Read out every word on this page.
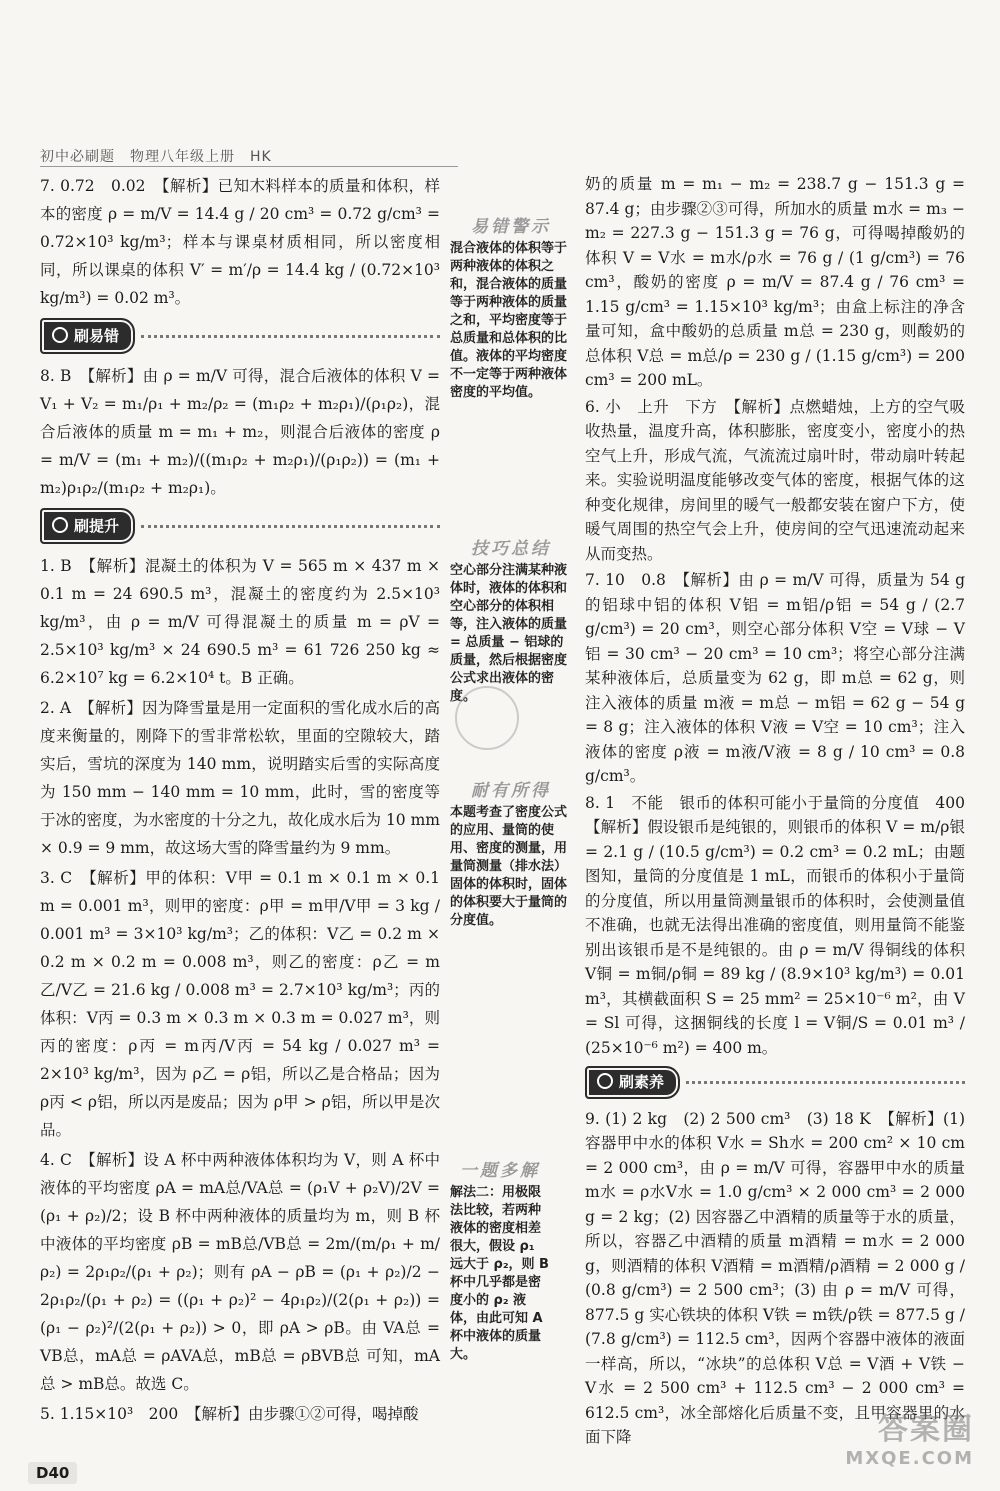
初中必刷题　物理八年级上册　HK

7. 0.72　0.02　【解析】已知木料样本的质量和体积，样本的密度 ρ = m/V = 14.4 g / 20 cm³ = 0.72 g/cm³ = 0.72×10³ kg/m³；样本与课桌材质相同，所以密度相同，所以课桌的体积 V′ = m′/ρ = 14.4 kg / (0.72×10³ kg/m³) = 0.02 m³。

刷易错

8. B　【解析】由 ρ = m/V 可得，混合后液体的体积 V = V₁ + V₂ = m₁/ρ₁ + m₂/ρ₂ = (m₁ρ₂ + m₂ρ₁)/(ρ₁ρ₂)，混合后液体的质量 m = m₁ + m₂，则混合后液体的密度 ρ = m/V = (m₁ + m₂)/((m₁ρ₂ + m₂ρ₁)/(ρ₁ρ₂)) = (m₁ + m₂)ρ₁ρ₂/(m₁ρ₂ + m₂ρ₁)。

刷提升

1. B　【解析】混凝土的体积为 V = 565 m × 437 m × 0.1 m = 24 690.5 m³，混凝土的密度约为 2.5×10³ kg/m³，由 ρ = m/V 可得混凝土的质量 m = ρV = 2.5×10³ kg/m³ × 24 690.5 m³ = 61 726 250 kg ≈ 6.2×10⁷ kg = 6.2×10⁴ t。B 正确。

2. A　【解析】因为降雪量是用一定面积的雪化成水后的高度来衡量的，刚降下的雪非常松软，里面的空隙较大，踏实后，雪坑的深度为 140 mm，说明踏实后雪的实际高度为 150 mm − 140 mm = 10 mm，此时，雪的密度等于冰的密度，为水密度的十分之九，故化成水后为 10 mm × 0.9 = 9 mm，故这场大雪的降雪量约为 9 mm。

3. C　【解析】甲的体积：V甲 = 0.1 m × 0.1 m × 0.1 m = 0.001 m³，则甲的密度：ρ甲 = m甲/V甲 = 3 kg / 0.001 m³ = 3×10³ kg/m³；乙的体积：V乙 = 0.2 m × 0.2 m × 0.2 m = 0.008 m³，则乙的密度：ρ乙 = m乙/V乙 = 21.6 kg / 0.008 m³ = 2.7×10³ kg/m³；丙的体积：V丙 = 0.3 m × 0.3 m × 0.3 m = 0.027 m³，则丙的密度：ρ丙 = m丙/V丙 = 54 kg / 0.027 m³ = 2×10³ kg/m³，因为 ρ乙 = ρ铝，所以乙是合格品；因为 ρ丙 < ρ铝，所以丙是废品；因为 ρ甲 > ρ铝，所以甲是次品。

4. C　【解析】设 A 杯中两种液体体积均为 V，则 A 杯中液体的平均密度 ρA = mA总/VA总 = (ρ₁V + ρ₂V)/2V = (ρ₁ + ρ₂)/2；设 B 杯中两种液体的质量均为 m，则 B 杯中液体的平均密度 ρB = mB总/VB总 = 2m/(m/ρ₁ + m/ρ₂) = 2ρ₁ρ₂/(ρ₁ + ρ₂)；则有 ρA − ρB = (ρ₁ + ρ₂)/2 − 2ρ₁ρ₂/(ρ₁ + ρ₂) = ((ρ₁ + ρ₂)² − 4ρ₁ρ₂)/(2(ρ₁ + ρ₂)) = (ρ₁ − ρ₂)²/(2(ρ₁ + ρ₂)) > 0，即 ρA > ρB。由 VA总 = VB总，mA总 = ρAVA总，mB总 = ρBVB总 可知，mA总 > mB总。故选 C。

5. 1.15×10³　200　【解析】由步骤①②可得，喝掉酸

奶的质量 m = m₁ − m₂ = 238.7 g − 151.3 g = 87.4 g；由步骤②③可得，所加水的质量 m水 = m₃ − m₂ = 227.3 g − 151.3 g = 76 g，可得喝掉酸奶的体积 V = V水 = m水/ρ水 = 76 g / (1 g/cm³) = 76 cm³，酸奶的密度 ρ = m/V = 87.4 g / 76 cm³ = 1.15 g/cm³ = 1.15×10³ kg/m³；由盒上标注的净含量可知，盒中酸奶的总质量 m总 = 230 g，则酸奶的总体积 V总 = m总/ρ = 230 g / (1.15 g/cm³) = 200 cm³ = 200 mL。

6. 小　上升　下方　【解析】点燃蜡烛，上方的空气吸收热量，温度升高，体积膨胀，密度变小，密度小的热空气上升，形成气流，气流流过扇叶时，带动扇叶转起来。实验说明温度能够改变气体的密度，根据气体的这种变化规律，房间里的暖气一般都安装在窗户下方，使暖气周围的热空气会上升，使房间的空气迅速流动起来从而变热。

7. 10　0.8　【解析】由 ρ = m/V 可得，质量为 54 g 的铝球中铝的体积 V铝 = m铝/ρ铝 = 54 g / (2.7 g/cm³) = 20 cm³，则空心部分体积 V空 = V球 − V铝 = 30 cm³ − 20 cm³ = 10 cm³；将空心部分注满某种液体后，总质量变为 62 g，即 m总 = 62 g，则注入液体的质量 m液 = m总 − m铝 = 62 g − 54 g = 8 g；注入液体的体积 V液 = V空 = 10 cm³；注入液体的密度 ρ液 = m液/V液 = 8 g / 10 cm³ = 0.8 g/cm³。

8. 1　不能　银币的体积可能小于量筒的分度值　400　【解析】假设银币是纯银的，则银币的体积 V = m/ρ银 = 2.1 g / (10.5 g/cm³) = 0.2 cm³ = 0.2 mL；由题图知，量筒的分度值是 1 mL，而银币的体积小于量筒的分度值，所以用量筒测量银币的体积时，会使测量值不准确，也就无法得出准确的密度值，则用量筒不能鉴别出该银币是不是纯银的。由 ρ = m/V 得铜线的体积 V铜 = m铜/ρ铜 = 89 kg / (8.9×10³ kg/m³) = 0.01 m³，其横截面积 S = 25 mm² = 25×10⁻⁶ m²，由 V = Sl 可得，这捆铜线的长度 l = V铜/S = 0.01 m³ / (25×10⁻⁶ m²) = 400 m。

刷素养

9. (1) 2 kg　(2) 2 500 cm³　(3) 18 K　【解析】(1) 容器甲中水的体积 V水 = Sh水 = 200 cm² × 10 cm = 2 000 cm³，由 ρ = m/V 可得，容器甲中水的质量 m水 = ρ水V水 = 1.0 g/cm³ × 2 000 cm³ = 2 000 g = 2 kg；(2) 因容器乙中酒精的质量等于水的质量，所以，容器乙中酒精的质量 m酒精 = m水 = 2 000 g，则酒精的体积 V酒精 = m酒精/ρ酒精 = 2 000 g / (0.8 g/cm³) = 2 500 cm³；(3) 由 ρ = m/V 可得，877.5 g 实心铁块的体积 V铁 = m铁/ρ铁 = 877.5 g / (7.8 g/cm³) = 112.5 cm³，因两个容器中液体的液面一样高，所以，“冰块”的总体积 V总 = V酒 + V铁 − V水 = 2 500 cm³ + 112.5 cm³ − 2 000 cm³ = 612.5 cm³，冰全部熔化后质量不变，且甲容器里的水面下降

易错警示
混合液体的体积等于两种液体的体积之和，混合液体的质量等于两种液体的质量之和，平均密度等于总质量和总体积的比值。液体的平均密度不一定等于两种液体密度的平均值。
技巧总结
空心部分注满某种液体时，液体的体积和空心部分的体积相等，注入液体的质量 = 总质量 − 铝球的质量，然后根据密度公式求出液体的密度。
耐有所得
本题考查了密度公式的应用、量筒的使用、密度的测量，用量筒测量（排水法）固体的体积时，固体的体积要大于量筒的分度值。
一题多解
解法二：用极限法比较，若两种液体的密度相差很大，假设 ρ₁ 远大于 ρ₂，则 B 杯中几乎都是密度小的 ρ₂ 液体，由此可知 A 杯中液体的质量大。
D40
答案圈
MXQE.COM
